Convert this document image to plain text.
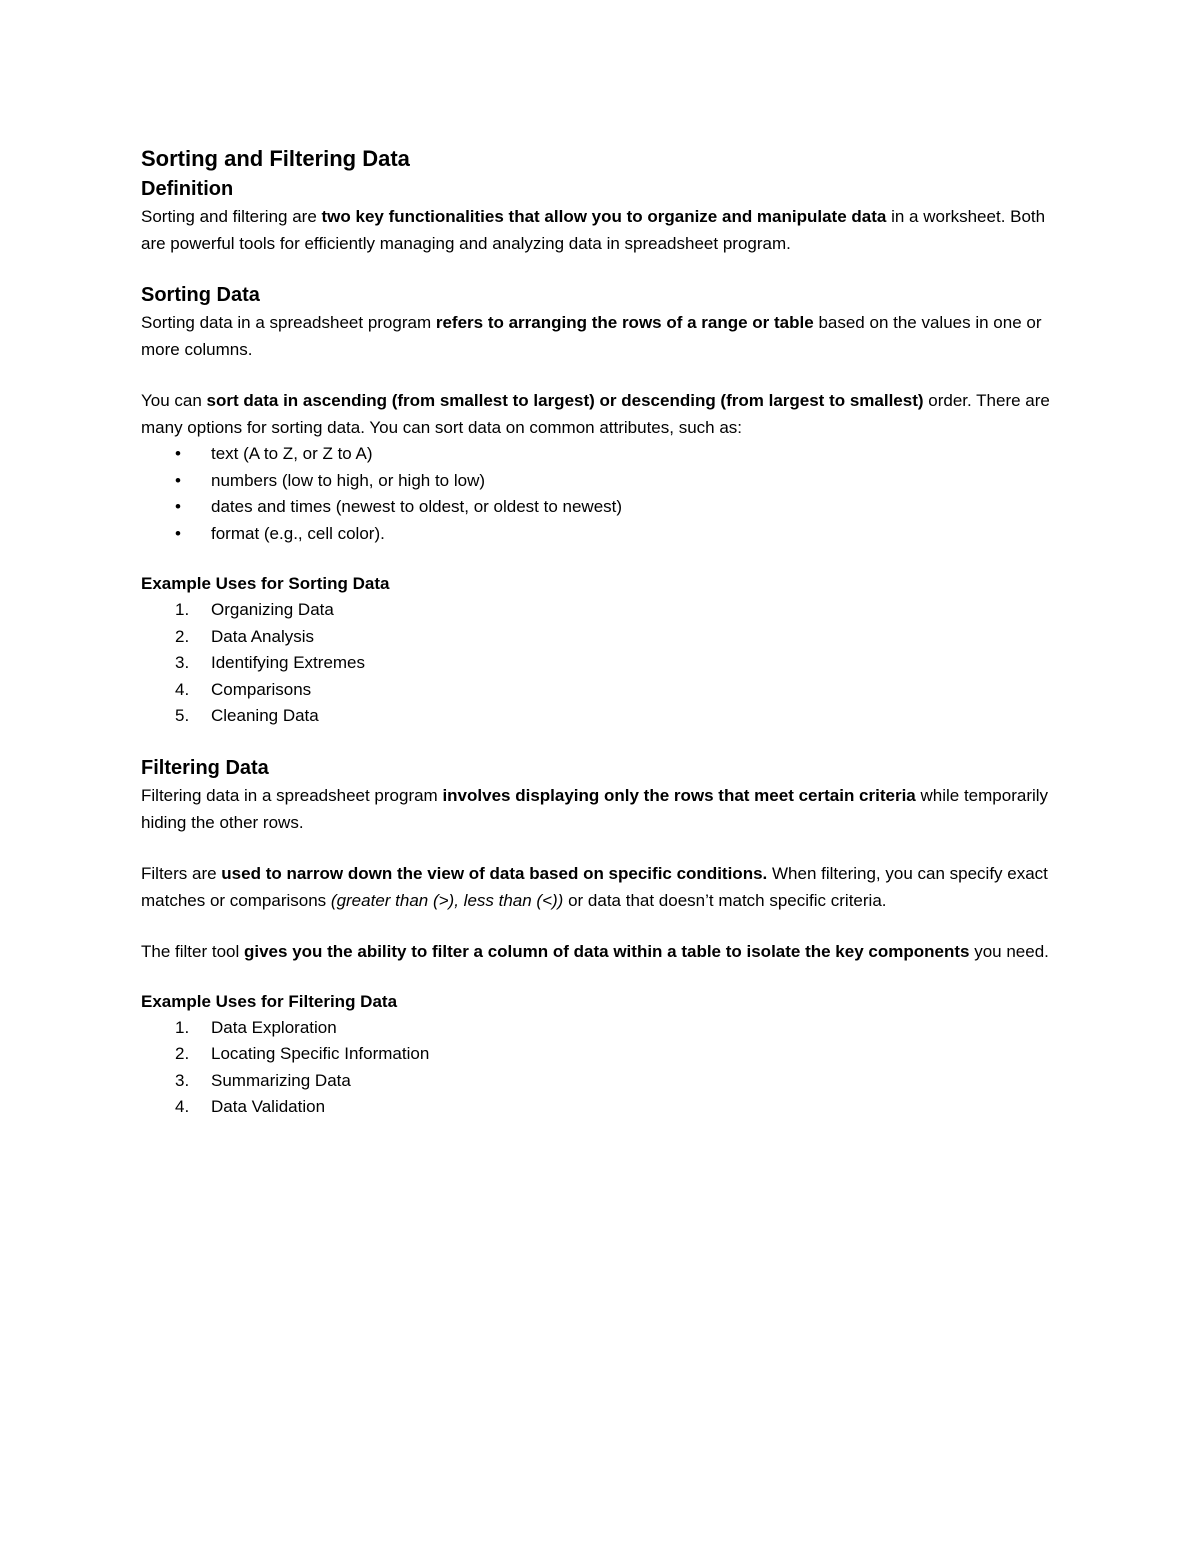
Sorting and Filtering Data
Definition

Sorting and filtering are two key functionalities that allow you to organize and manipulate data in a worksheet. Both are powerful tools for efficiently managing and analyzing data in spreadsheet program.

Sorting Data

Sorting data in a spreadsheet program refers to arranging the rows of a range or table based on the values in one or more columns.

You can sort data in ascending (from smallest to largest) or descending (from largest to smallest) order. There are many options for sorting data. You can sort data on common attributes, such as:

• text (A to Z, or Z to A)
• numbers (low to high, or high to low)
• dates and times (newest to oldest, or oldest to newest)
• format (e.g., cell color).
Example Uses for Sorting Data
1.	Organizing Data
2.	Data Analysis
3.	Identifying Extremes
4.	Comparisons
5.	Cleaning Data
Filtering Data

Filtering data in a spreadsheet program involves displaying only the rows that meet certain criteria while temporarily hiding the other rows.

Filters are used to narrow down the view of data based on specific conditions. When filtering, you can specify exact matches or comparisons (greater than (>), less than (<)) or data that doesn’t match specific criteria.

The filter tool gives you the ability to filter a column of data within a table to isolate the key components you need.

Example Uses for Filtering Data
1.	Data Exploration
2.	Locating Specific Information
3.	Summarizing Data
4.	Data Validation
